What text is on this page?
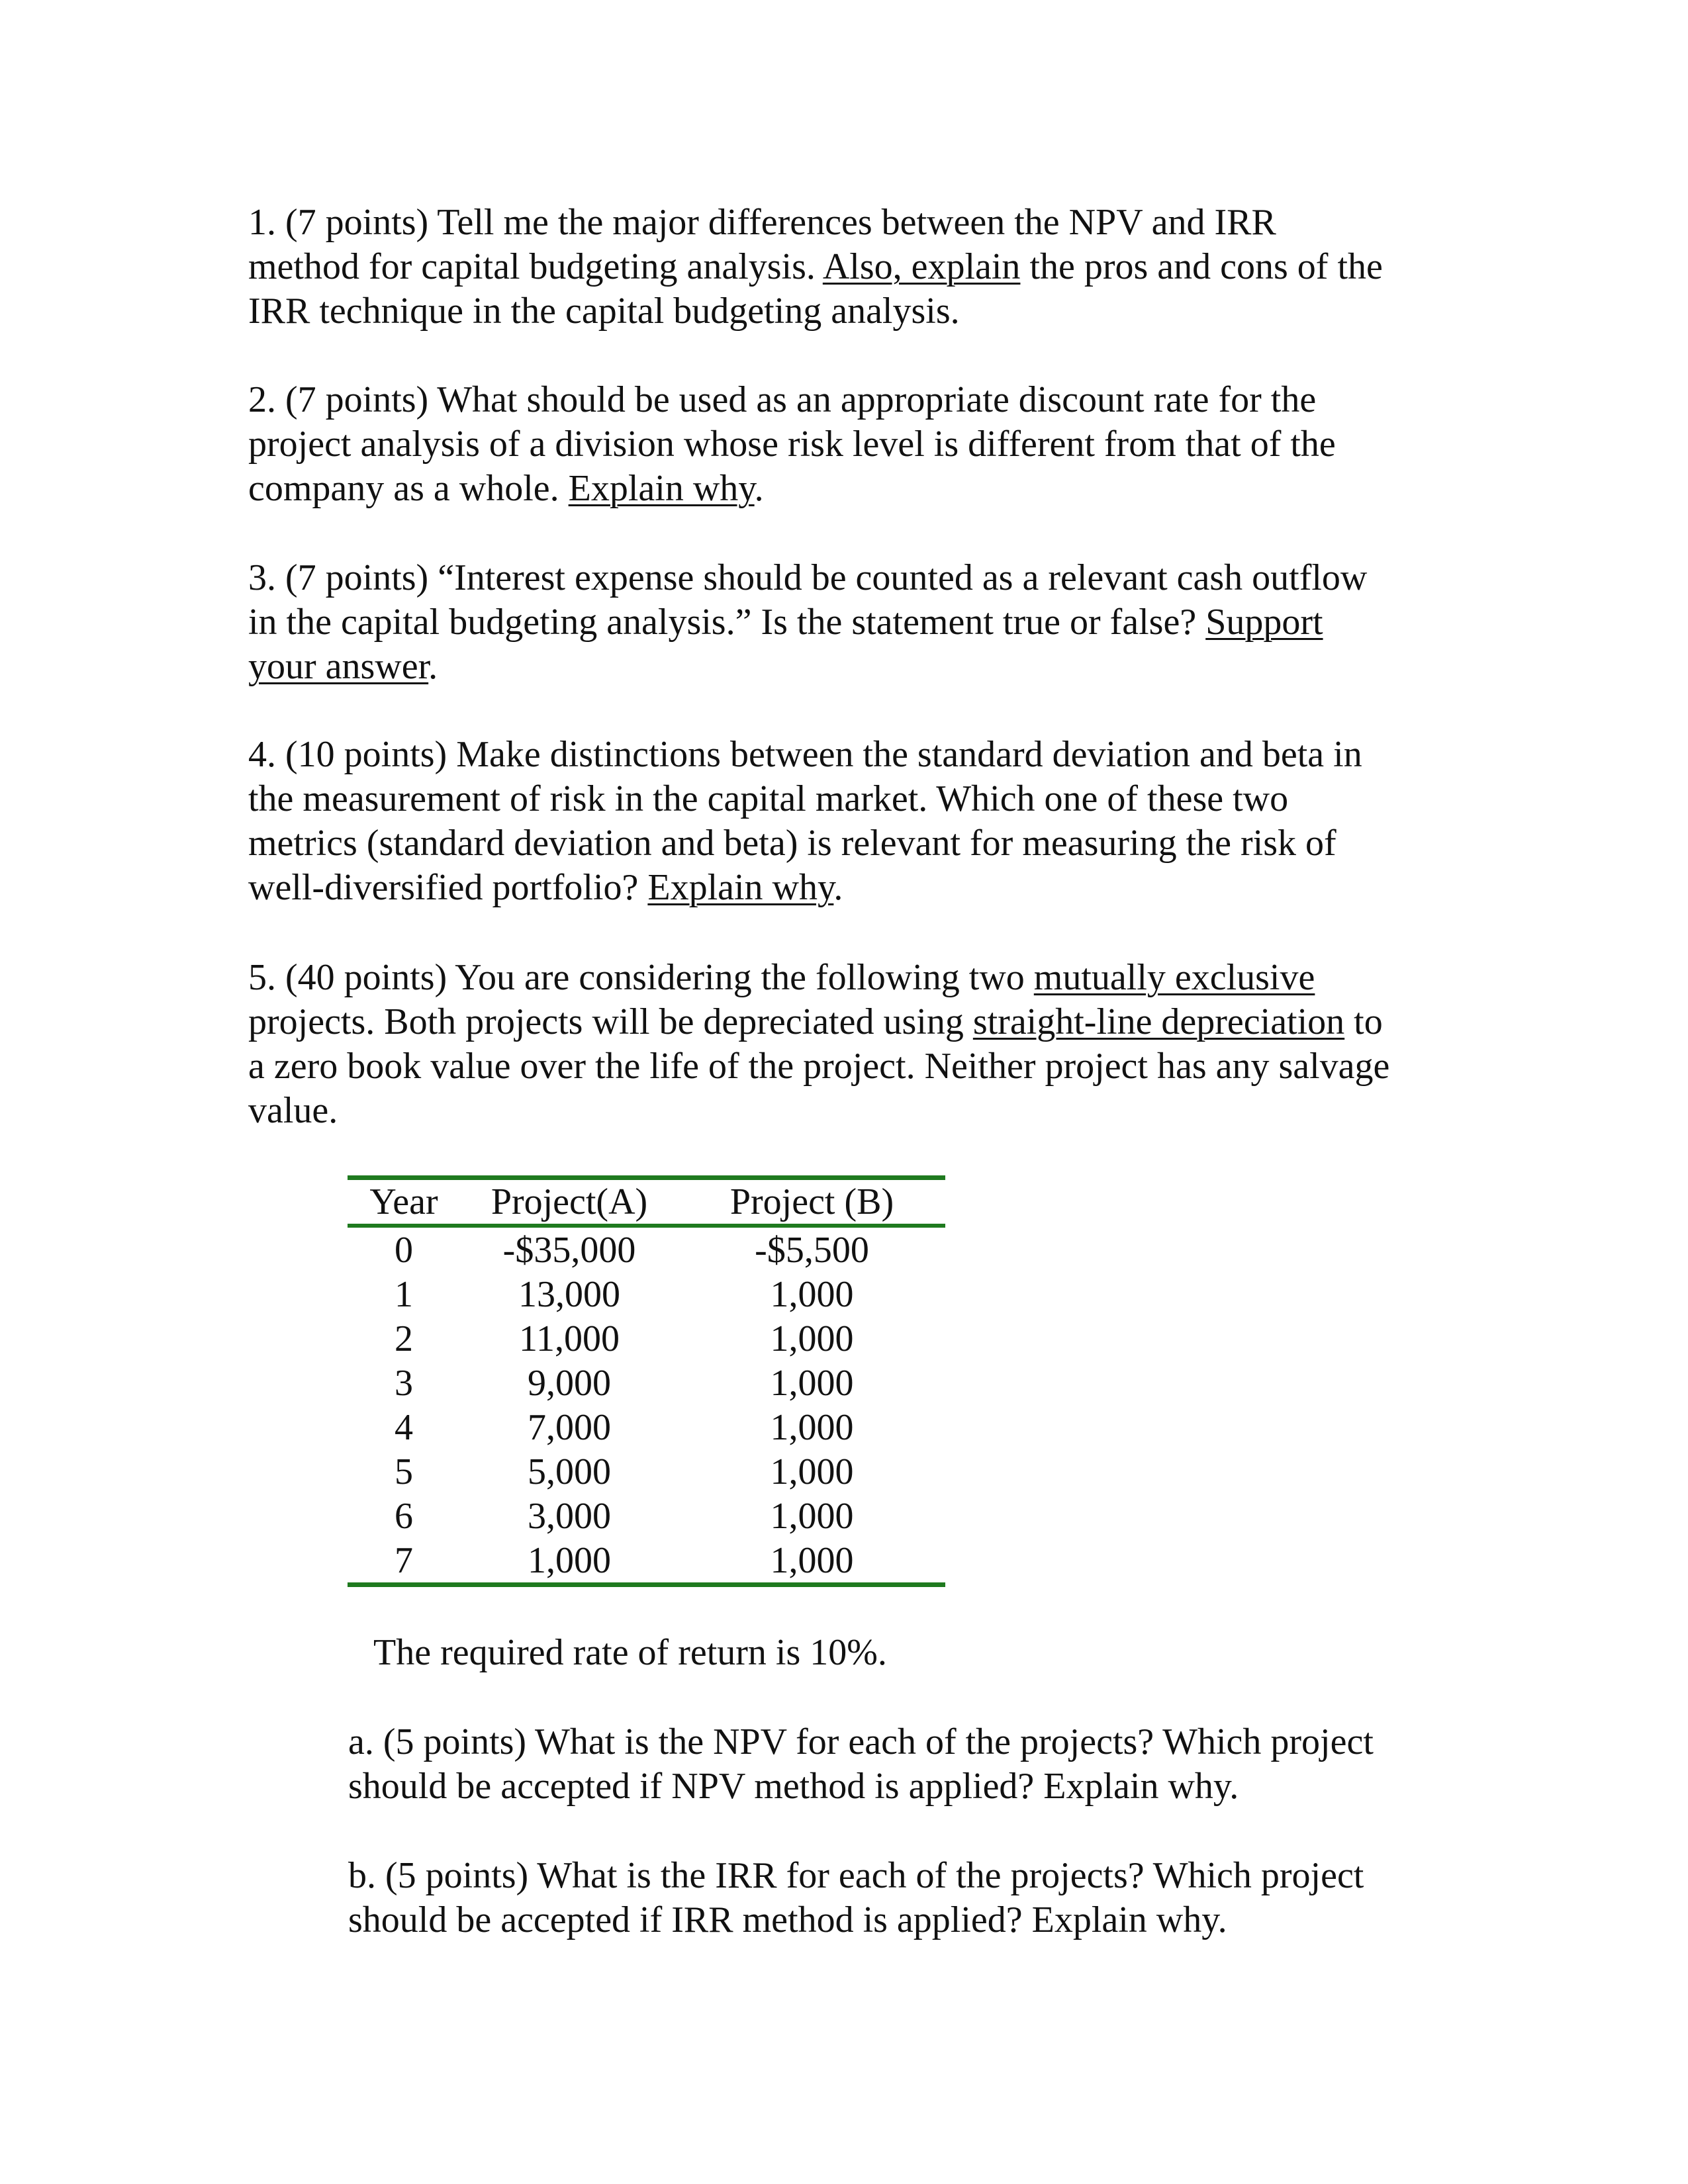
1. (7 points) Tell me the major differences between the NPV and IRR
method for capital budgeting analysis. Also, explain the pros and cons of the
IRR technique in the capital budgeting analysis.
2. (7 points) What should be used as an appropriate discount rate for the
project analysis of a division whose risk level is different from that of the
company as a whole. Explain why.
3. (7 points) “Interest expense should be counted as a relevant cash outflow
in the capital budgeting analysis.” Is the statement true or false? Support
your answer.
4. (10 points) Make distinctions between the standard deviation and beta in
the measurement of risk in the capital market. Which one of these two
metrics (standard deviation and beta) is relevant for measuring the risk of
well-diversified portfolio? Explain why.
5. (40 points) You are considering the following two mutually exclusive
projects. Both projects will be depreciated using straight-line depreciation to
a zero book value over the life of the project. Neither project has any salvage
value.
The required rate of return is 10%.
a. (5 points) What is the NPV for each of the projects? Which project
should be accepted if NPV method is applied? Explain why.
b. (5 points) What is the IRR for each of the projects? Which project
should be accepted if IRR method is applied? Explain why.
Year	Project(A)	Project (B)
0	-$35,000	-$5,500
1	13,000	1,000
2	11,000	1,000
3	9,000	1,000
4	7,000	1,000
5	5,000	1,000
6	3,000	1,000
7	1,000	1,000
